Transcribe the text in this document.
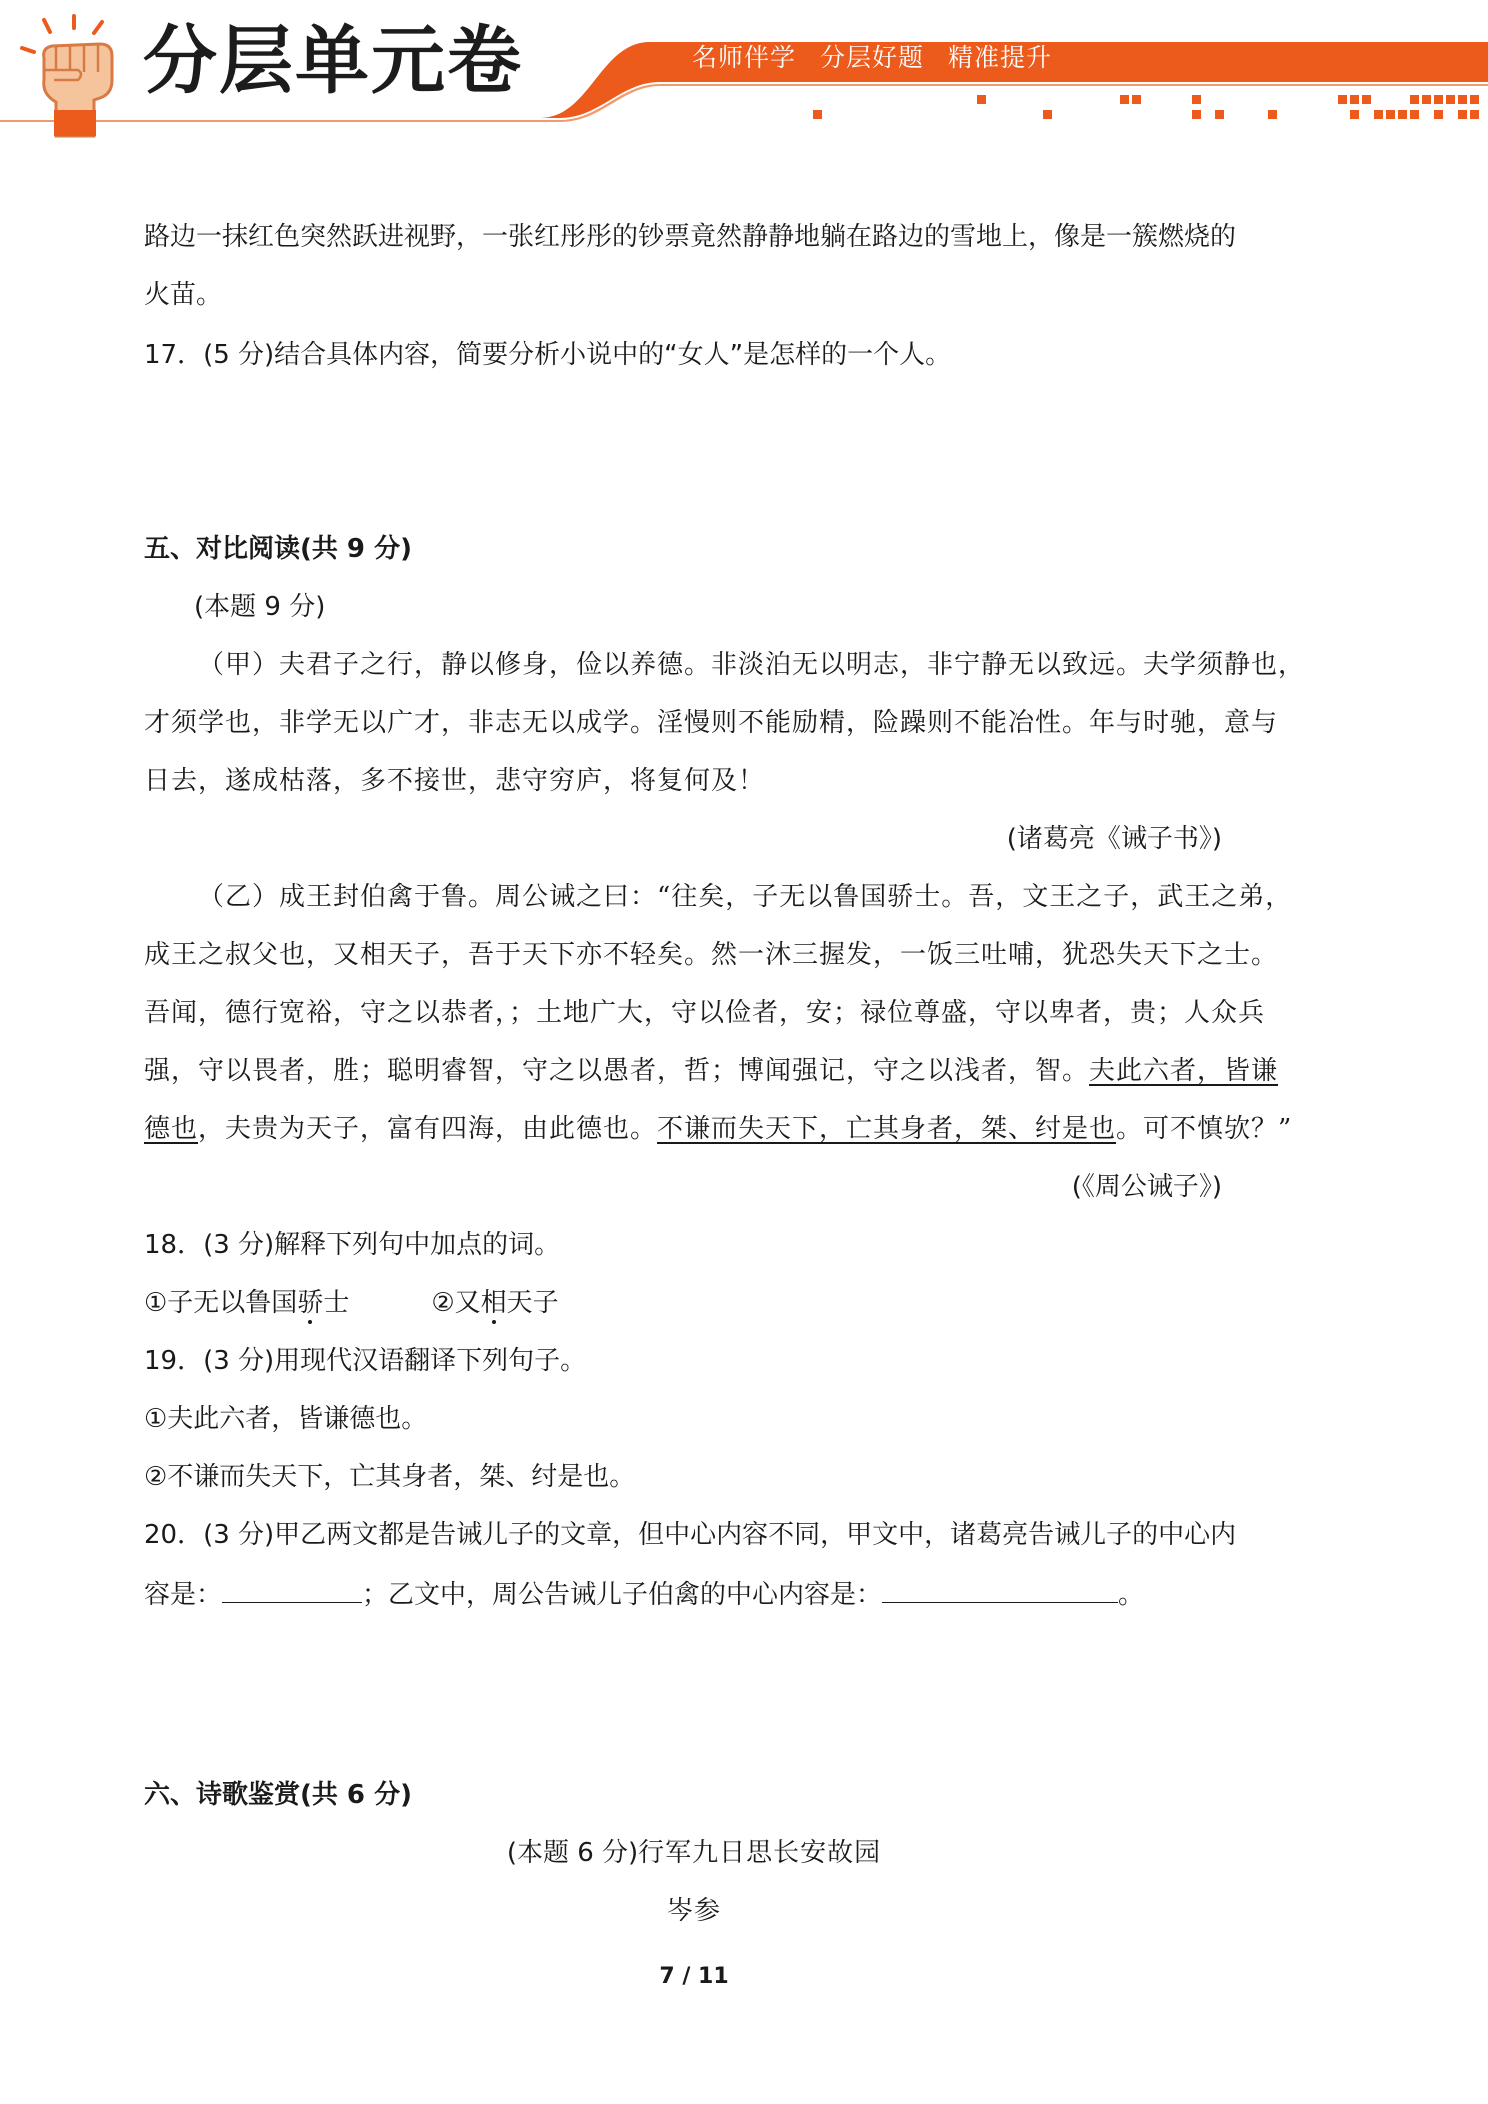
分层单元卷	名师伴学 分层好题 精准提升
路边一抹红色突然跃进视野，一张红彤彤的钞票竟然静静地躺在路边的雪地上，像是一簇燃烧的
火苗。
17．(5 分)结合具体内容，简要分析小说中的“女人”是怎样的一个人。
五、对比阅读(共 9 分)
(本题 9 分)
（甲）夫君子之行，静以修身，俭以养德。非淡泊无以明志，非宁静无以致远。夫学须静也，
才须学也，非学无以广才，非志无以成学。淫慢则不能励精，险躁则不能冶性。年与时驰，意与
日去，遂成枯落，多不接世，悲守穷庐，将复何及！
(诸葛亮《诫子书》)
（乙）成王封伯禽于鲁。周公诫之曰：“往矣，子无以鲁国骄士。吾，文王之子，武王之弟，
成王之叔父也，又相天子，吾于天下亦不轻矣。然一沐三握发，一饭三吐哺，犹恐失天下之士。
吾闻，德行宽裕，守之以恭者，；土地广大，守以俭者，安；禄位尊盛，守以卑者，贵；人众兵
强，守以畏者，胜；聪明睿智，守之以愚者，哲；博闻强记，守之以浅者，智。夫此六者，皆谦
德也，夫贵为天子，富有四海，由此德也。不谦而失天下，亡其身者，桀、纣是也。可不慎欤？”
(《周公诫子》)
18．(3 分)解释下列句中加点的词。
①子无以鲁国骄士	②又相天子
19．(3 分)用现代汉语翻译下列句子。
①夫此六者，皆谦德也。
②不谦而失天下，亡其身者，桀、纣是也。
20．(3 分)甲乙两文都是告诫儿子的文章，但中心内容不同，甲文中，诸葛亮告诫儿子的中心内
容是：	；乙文中，周公告诫儿子伯禽的中心内容是：	。
六、诗歌鉴赏(共 6 分)
(本题 6 分)行军九日思长安故园
岑参
7 / 11
